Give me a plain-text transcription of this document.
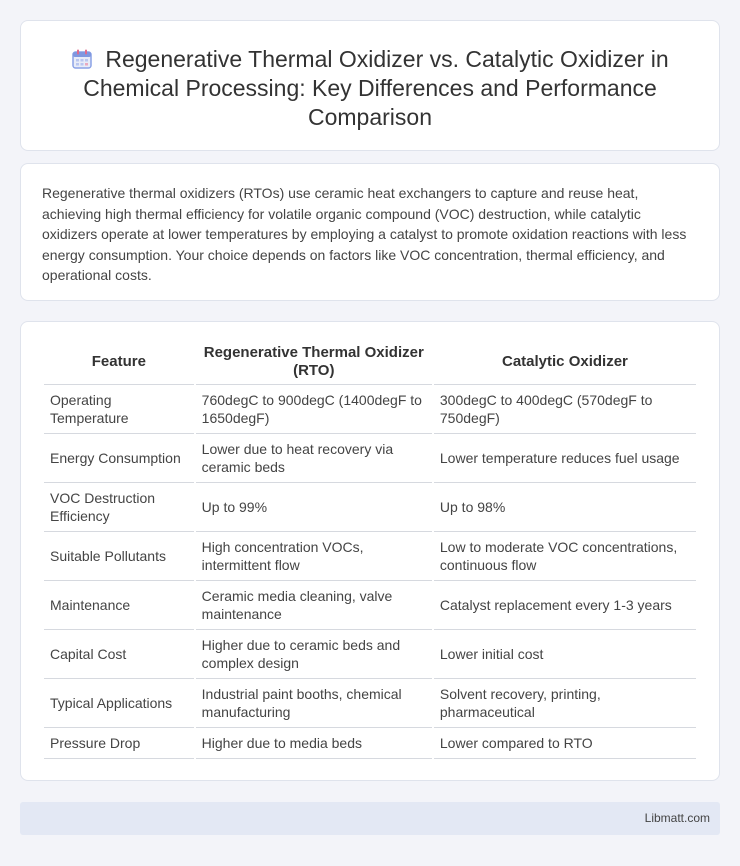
Regenerative Thermal Oxidizer vs. Catalytic Oxidizer in Chemical Processing: Key Differences and Performance Comparison

Regenerative thermal oxidizers (RTOs) use ceramic heat exchangers to capture and reuse heat, achieving high thermal efficiency for volatile organic compound (VOC) destruction, while catalytic oxidizers operate at lower temperatures by employing a catalyst to promote oxidation reactions with less energy consumption. Your choice depends on factors like VOC concentration, thermal efficiency, and operational costs.

Feature	Regenerative Thermal Oxidizer (RTO)	Catalytic Oxidizer
Operating Temperature	760degC to 900degC (1400degF to 1650degF)	300degC to 400degC (570degF to 750degF)
Energy Consumption	Lower due to heat recovery via ceramic beds	Lower temperature reduces fuel usage
VOC Destruction Efficiency	Up to 99%	Up to 98%
Suitable Pollutants	High concentration VOCs, intermittent flow	Low to moderate VOC concentrations, continuous flow
Maintenance	Ceramic media cleaning, valve maintenance	Catalyst replacement every 1-3 years
Capital Cost	Higher due to ceramic beds and complex design	Lower initial cost
Typical Applications	Industrial paint booths, chemical manufacturing	Solvent recovery, printing, pharmaceutical
Pressure Drop	Higher due to media beds	Lower compared to RTO
Libmatt.com
